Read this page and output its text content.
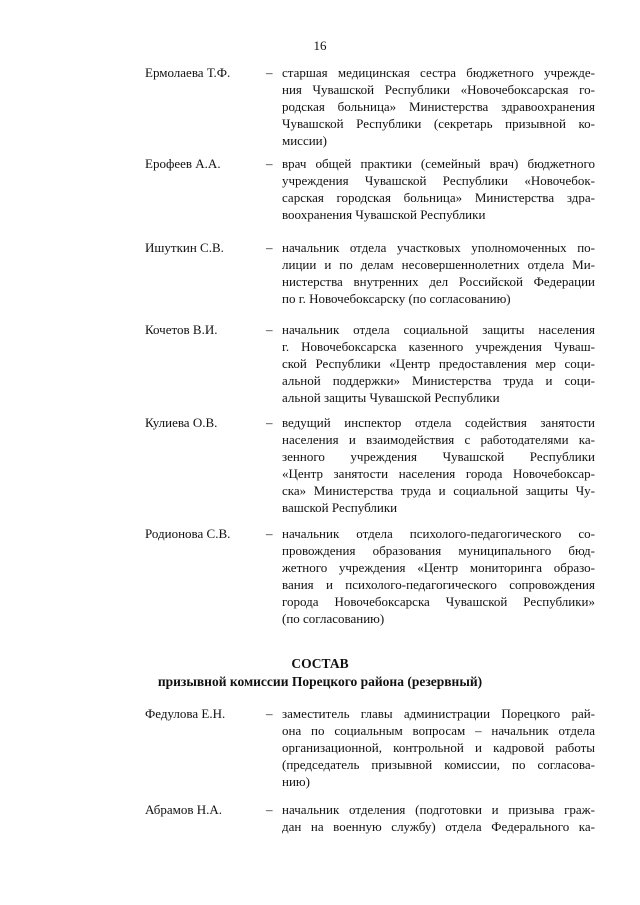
16
Ермолаева Т.Ф.	– старшая медицинская сестра бюджетного учрежде-
ния Чувашской Республики «Новочебоксарская го-
родская больница» Министерства здравоохранения
Чувашской Республики (секретарь призывной ко-
миссии)
Ерофеев А.А.	– врач общей практики (семейный врач) бюджетного
учреждения Чувашской Республики «Новочебок-
сарская городская больница» Министерства здра-
воохранения Чувашской Республики
Ишуткин С.В.	– начальник отдела участковых уполномоченных по-
лиции и по делам несовершеннолетних отдела Ми-
нистерства внутренних дел Российской Федерации
по г. Новочебоксарску (по согласованию)
Кочетов В.И.	– начальник отдела социальной защиты населения
г. Новочебоксарска казенного учреждения Чуваш-
ской Республики «Центр предоставления мер соци-
альной поддержки» Министерства труда и соци-
альной защиты Чувашской Республики
Кулиева О.В.	– ведущий инспектор отдела содействия занятости
населения и взаимодействия с работодателями ка-
зенного учреждения Чувашской Республики
«Центр занятости населения города Новочебоксар-
ска» Министерства труда и социальной защиты Чу-
вашской Республики
Родионова С.В.	– начальник отдела психолого-педагогического со-
провождения образования муниципального бюд-
жетного учреждения «Центр мониторинга образо-
вания и психолого-педагогического сопровождения
города Новочебоксарска Чувашской Республики»
(по согласованию)
СОСТАВ
призывной комиссии Порецкого района (резервный)
Федулова Е.Н.	– заместитель главы администрации Порецкого рай-
она по социальным вопросам – начальник отдела
организационной, контрольной и кадровой работы
(председатель призывной комиссии, по согласова-
нию)
Абрамов Н.А.	– начальник отделения (подготовки и призыва граж-
дан на военную службу) отдела Федерального ка-
